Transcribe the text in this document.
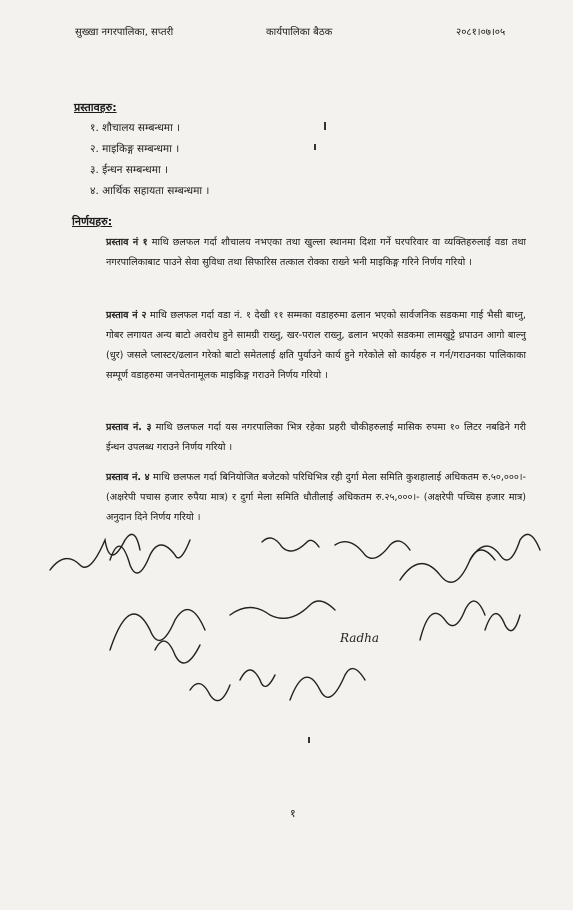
सुख्खा नगरपालिका, सप्तरी	कार्यपालिका बैठक	२०८१।०७।०५
प्रस्तावहरु:
१. शौचालय सम्बन्धमा ।
२. माइकिङ्ग सम्बन्धमा ।
३. ईन्धन सम्बन्धमा ।
४. आर्थिक सहायता सम्बन्धमा ।
निर्णयहरु:

प्रस्ताव नं १ माथि छलफल गर्दा शौचालय नभएका तथा खुल्ला स्थानमा दिशा गर्ने घरपरिवार वा व्यक्तिहरुलाई वडा तथा नगरपालिकाबाट पाउने सेवा सुविधा तथा सिफारिस तत्काल रोक्का राख्ने भनी माइकिङ्ग गरिने निर्णय गरियो ।

प्रस्ताव नं २ माथि छलफल गर्दा वडा नं. १ देखी ११ सम्मका वडाहरुमा ढलान भएको सार्वजनिक सडकमा गाई भैसी बाध्नु, गोबर लगायत अन्य बाटो अवरोध हुने सामग्री राख्नु, खर-पराल राख्नु, ढलान भएको सडकमा लामखुट्टे ध्रपाउन आगो बाल्नु (धुर) जसले प्लास्टर/ढलान गरेको बाटो समेतलाई क्षति पुर्याउने कार्य हुने गरेकोले सो कार्यहरु न गर्न/गराउनका पालिकाका सम्पूर्ण वडाहरुमा जनचेतनामूलक माइकिङ्ग गराउने निर्णय गरियो ।

प्रस्ताव नं. ३ माथि छलफल गर्दा यस नगरपालिका भित्र रहेका प्रहरी चौकीहरुलाई मासिक रुपमा १० लिटर नबढिने गरी ईन्धन उपलब्ध गराउने निर्णय गरियो ।

प्रस्ताव नं. ४ माथि छलफल गर्दा बिनियोजित बजेटको परिधिभित्र रही दुर्गा मेला समिति कुशहालाई अधिकतम रु.५०,०००।- (अक्षरेपी पचास हजार रुपैया मात्र) र दुर्गा मेला समिति धौतीलाई अधिकतम रु.२५,०००।- (अक्षरेपी पच्चिस हजार मात्र) अनुदान दिने निर्णय गरियो ।

Radha
१
